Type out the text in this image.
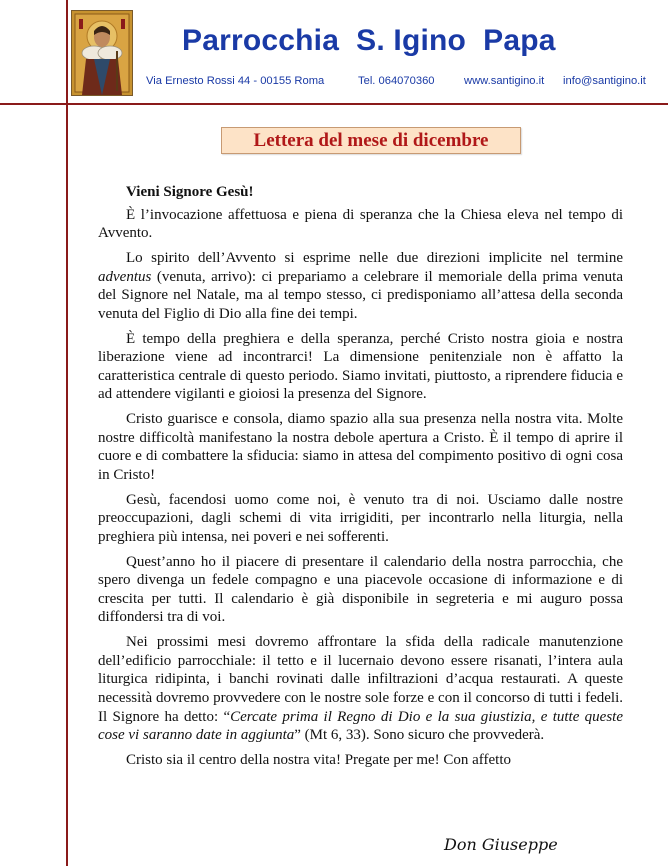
Parrocchia  S. Igino  Papa
Via Ernesto Rossi 44 - 00155 Roma	Tel. 064070360	www.santigino.it	info@santigino.it
Lettera del mese di dicembre

Vieni Signore Gesù!

È l’invocazione affettuosa e piena di speranza che la Chiesa eleva nel tempo di Avvento.

Lo spirito dell’Avvento si esprime nelle due direzioni implicite nel termine adventus (venuta, arrivo): ci prepariamo a celebrare il memoriale della prima venuta del Signore nel Natale, ma al tempo stesso, ci predisponiamo all’attesa della seconda venuta del Figlio di Dio alla fine dei tempi.

È tempo della preghiera e della speranza, perché Cristo nostra gioia e nostra liberazione viene ad incontrarci! La dimensione penitenziale non è affatto la caratteristica centrale di questo periodo. Siamo invitati, piuttosto, a riprendere fiducia e ad attendere vigilanti e gioiosi la presenza del Signore.

Cristo guarisce e consola, diamo spazio alla sua presenza nella nostra vita. Molte nostre difficoltà manifestano la nostra debole apertura a Cristo. È il tempo di aprire il cuore e di combattere la sfiducia: siamo in attesa del compimento positivo di ogni cosa in Cristo!

Gesù, facendosi uomo come noi, è venuto tra di noi. Usciamo dalle nostre preoccupazioni, dagli schemi di vita irrigiditi, per incontrarlo nella liturgia, nella preghiera più intensa, nei poveri e nei sofferenti.

Quest’anno ho il piacere di presentare il calendario della nostra parrocchia, che spero divenga un fedele compagno e una piacevole occasione di informazione e di crescita per tutti. Il calendario è già disponibile in segreteria e mi auguro possa diffondersi tra di voi.

Nei prossimi mesi dovremo affrontare la sfida della radicale manutenzione dell’edificio parrocchiale: il tetto e il lucernaio devono essere risanati, l’intera aula liturgica ridipinta, i banchi rovinati dalle infiltrazioni d’acqua restaurati. A queste necessità dovremo provvedere con le nostre sole forze e con il concorso di tutti i fedeli. Il Signore ha detto: “Cercate prima il Regno di Dio e la sua giustizia, e tutte queste cose vi saranno date in aggiunta” (Mt 6, 33). Sono sicuro che provvederà.

Cristo sia il centro della nostra vita! Pregate per me! Con affetto

Don Giuseppe
